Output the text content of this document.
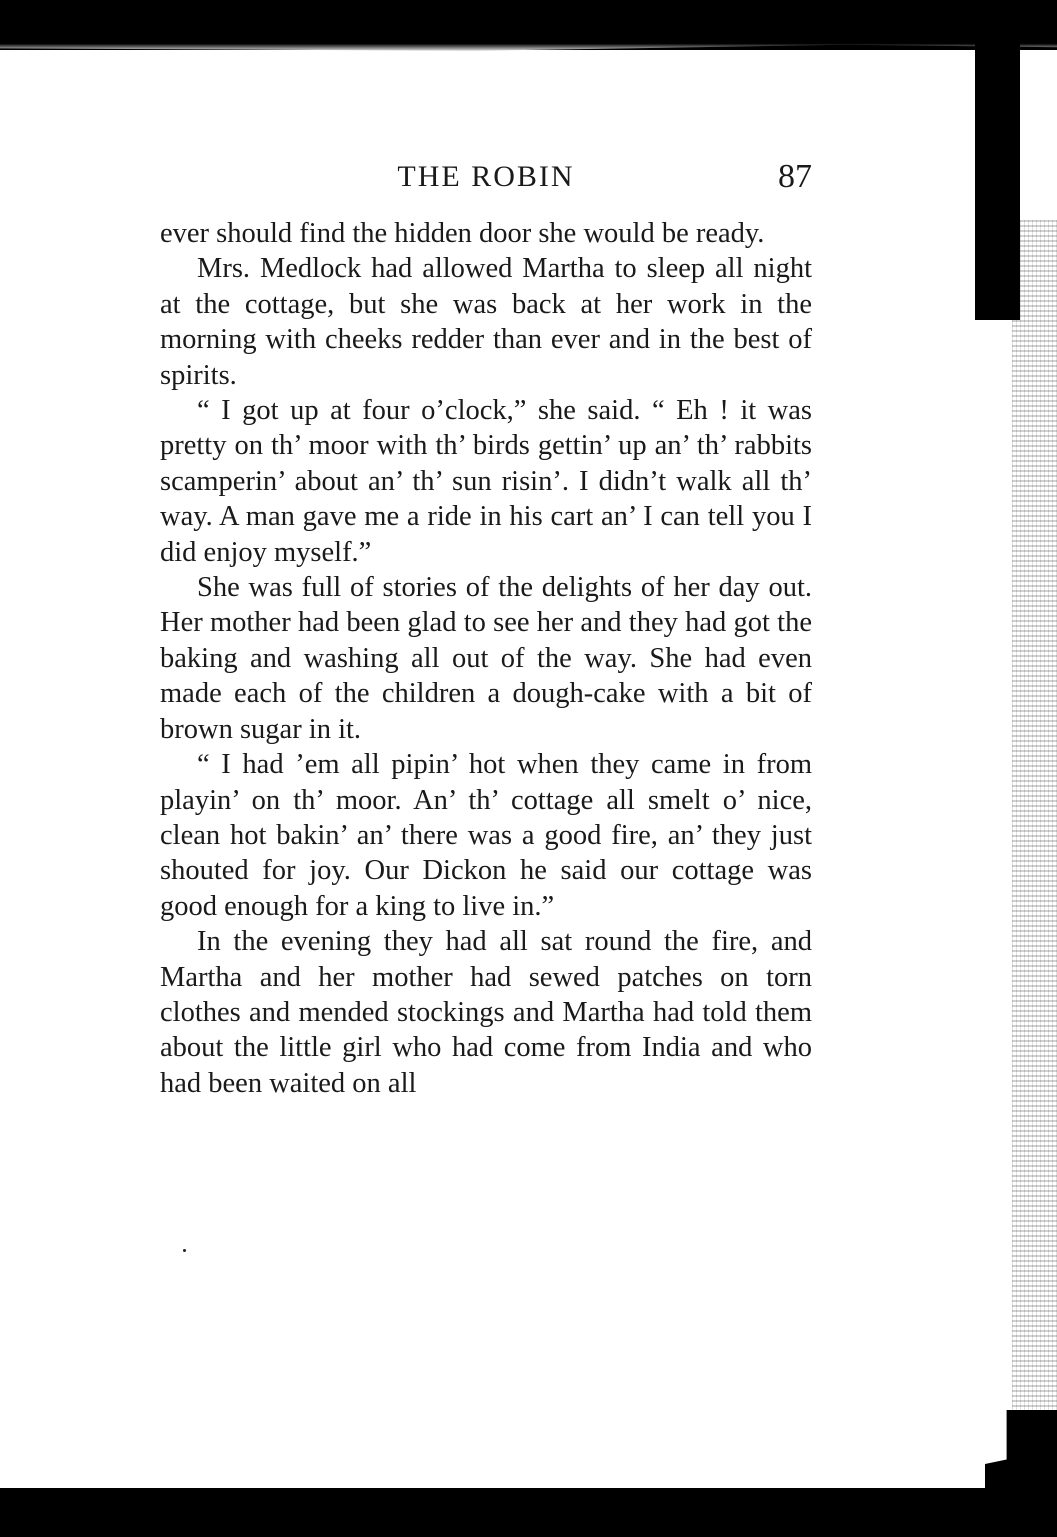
THE ROBIN	87

ever should find the hidden door she would be ready.

Mrs. Medlock had allowed Martha to sleep all night at the cottage, but she was back at her work in the morning with cheeks redder than ever and in the best of spirits.

“ I got up at four o’clock,” she said. “ Eh ! it was pretty on th’ moor with th’ birds gettin’ up an’ th’ rabbits scamperin’ about an’ th’ sun risin’. I didn’t walk all th’ way. A man gave me a ride in his cart an’ I can tell you I did enjoy myself.”

She was full of stories of the delights of her day out. Her mother had been glad to see her and they had got the baking and washing all out of the way. She had even made each of the children a dough-cake with a bit of brown sugar in it.

“ I had ’em all pipin’ hot when they came in from playin’ on th’ moor. An’ th’ cottage all smelt o’ nice, clean hot bakin’ an’ there was a good fire, an’ they just shouted for joy. Our Dickon he said our cottage was good enough for a king to live in.”

In the evening they had all sat round the fire, and Martha and her mother had sewed patches on torn clothes and mended stockings and Martha had told them about the little girl who had come from India and who had been waited on all
